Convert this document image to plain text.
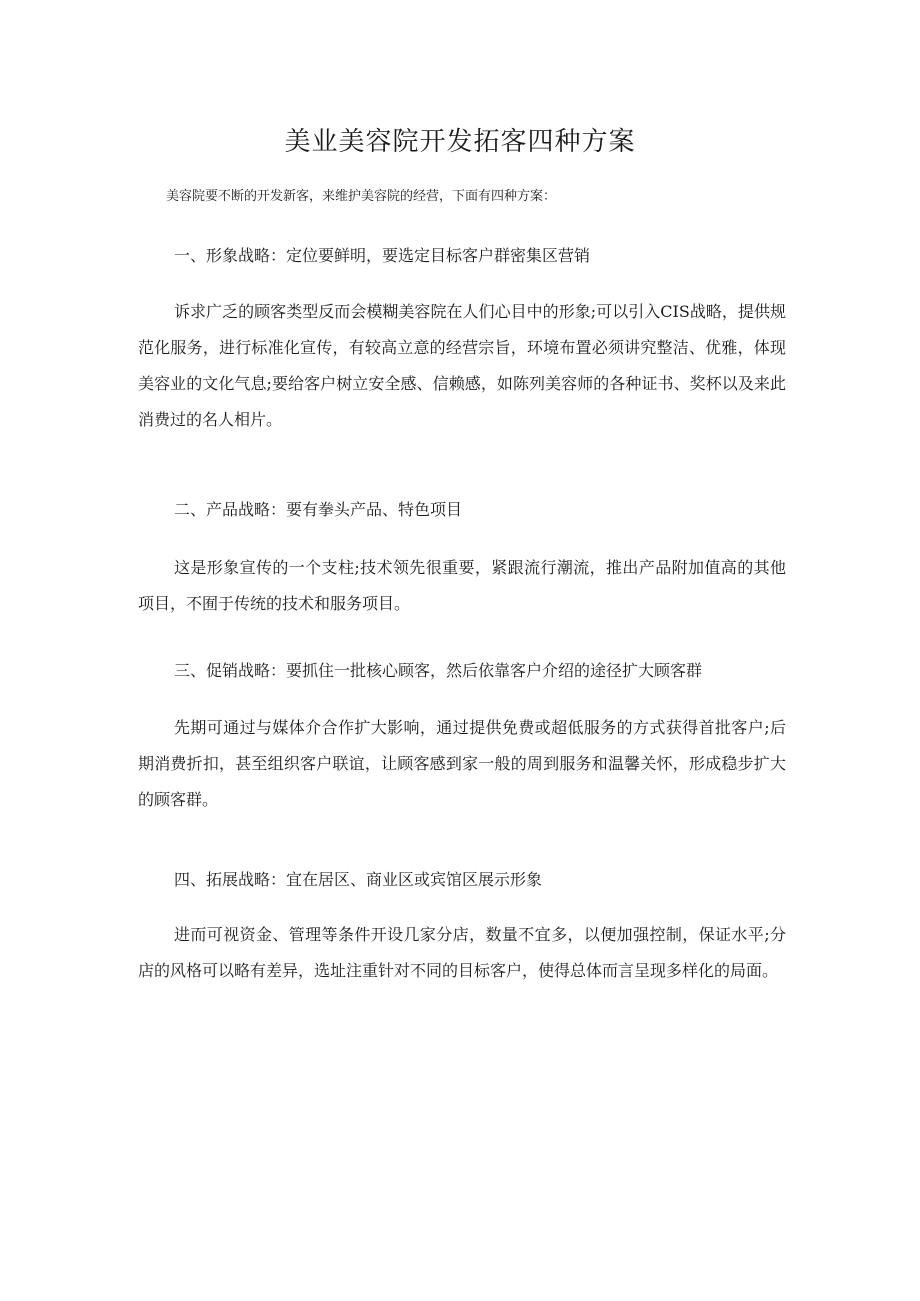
美业美容院开发拓客四种方案

美容院要不断的开发新客，来维护美容院的经营，下面有四种方案：

一、形象战略：定位要鲜明，要选定目标客户群密集区营销

诉求广乏的顾客类型反而会模糊美容院在人们心目中的形象;可以引入CIS战略，提供规范化服务，进行标准化宣传，有较高立意的经营宗旨，环境布置必须讲究整洁、优雅，体现美容业的文化气息;要给客户树立安全感、信赖感，如陈列美容师的各种证书、奖杯以及来此消费过的名人相片。

二、产品战略：要有拳头产品、特色项目

这是形象宣传的一个支柱;技术领先很重要，紧跟流行潮流，推出产品附加值高的其他项目，不囿于传统的技术和服务项目。

三、促销战略：要抓住一批核心顾客，然后依靠客户介绍的途径扩大顾客群

先期可通过与媒体介合作扩大影响，通过提供免费或超低服务的方式获得首批客户;后期消费折扣，甚至组织客户联谊，让顾客感到家一般的周到服务和温馨关怀，形成稳步扩大的顾客群。

四、拓展战略：宜在居区、商业区或宾馆区展示形象

进而可视资金、管理等条件开设几家分店，数量不宜多，以便加强控制，保证水平;分店的风格可以略有差异，选址注重针对不同的目标客户，使得总体而言呈现多样化的局面。
